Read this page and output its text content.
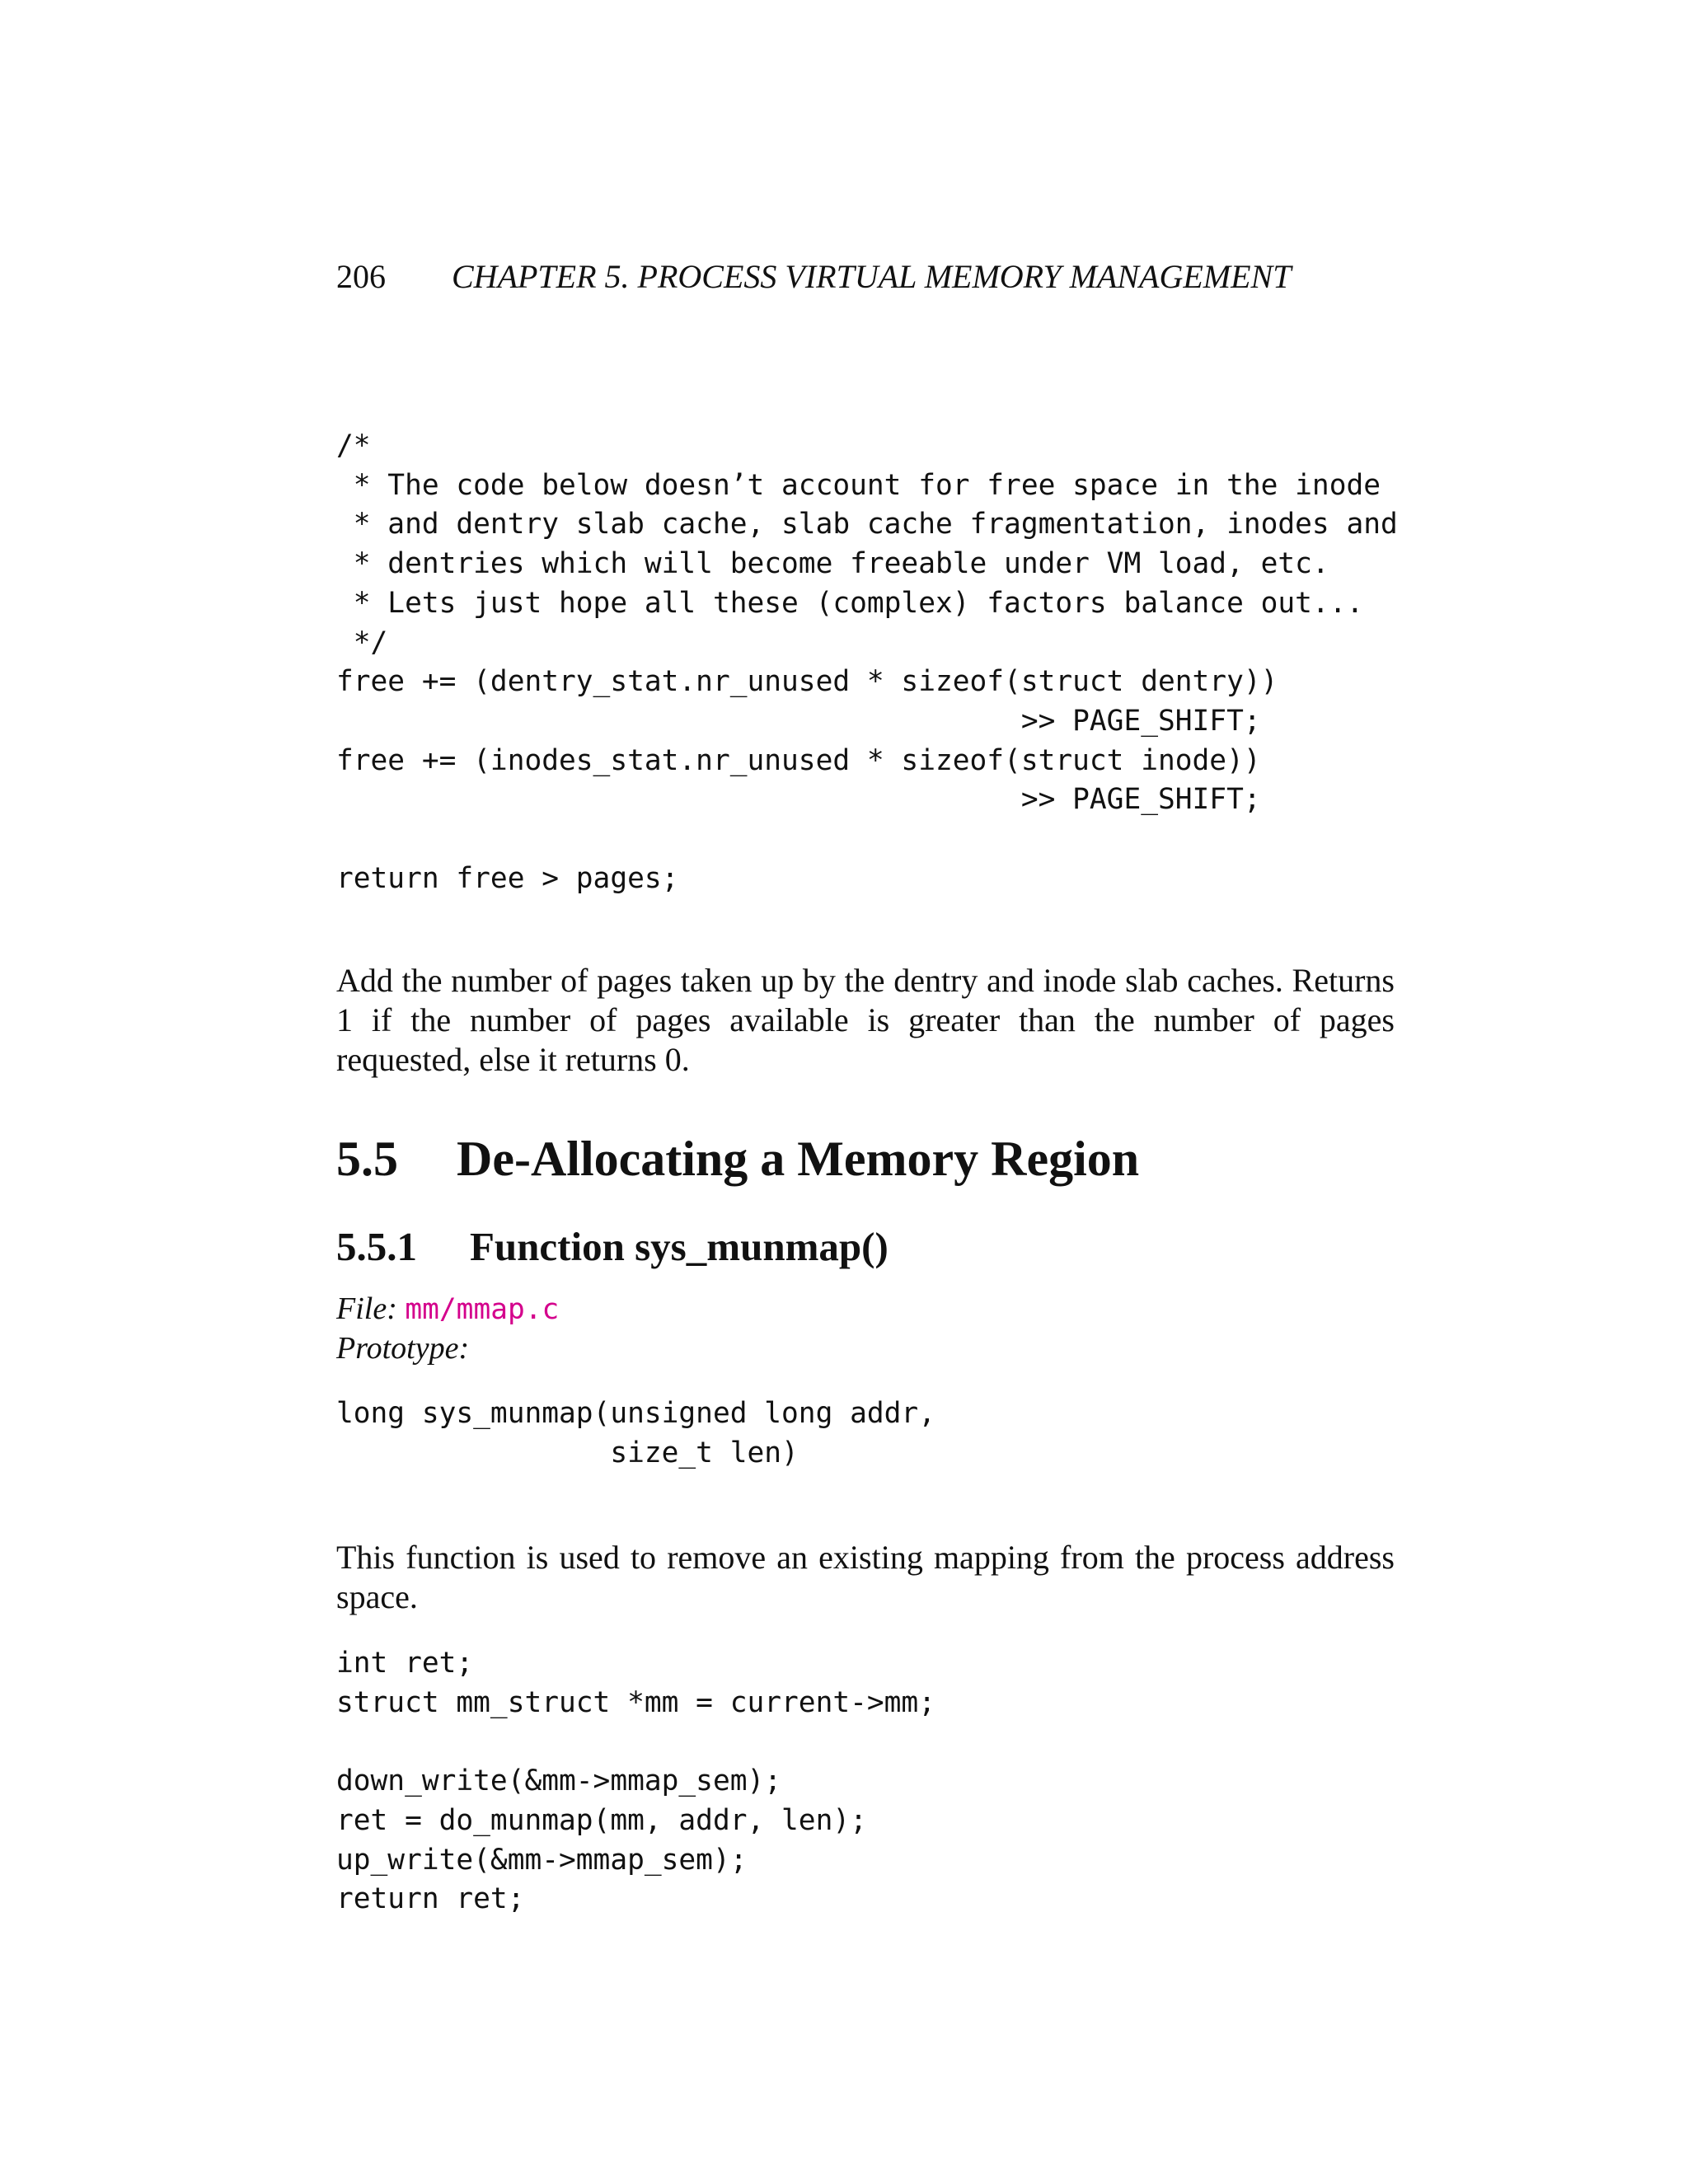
206 CHAPTER 5. PROCESS VIRTUAL MEMORY MANAGEMENT
/*
* The code below doesn’t account for free space in the inode
* and dentry slab cache, slab cache fragmentation, inodes and
* dentries which will become freeable under VM load, etc.
* Lets just hope all these (complex) factors balance out...
*/
free += (dentry_stat.nr_unused * sizeof(struct dentry))
>> PAGE_SHIFT;
free += (inodes_stat.nr_unused * sizeof(struct inode))
>> PAGE_SHIFT;

return free > pages;
Add the number of pages taken up by the dentry and inode slab caches. Returns 1 if the number of pages available is greater than the number of pages requested, else it returns 0.
5.5 De-Allocating a Memory Region
5.5.1 Function sys_munmap()
File: mm/mmap.c
Prototype:
long sys_munmap(unsigned long addr,
size_t len)
This function is used to remove an existing mapping from the process address space.
int ret;
struct mm_struct *mm = current->mm;

down_write(&mm->mmap_sem);
ret = do_munmap(mm, addr, len);
up_write(&mm->mmap_sem);
return ret;
